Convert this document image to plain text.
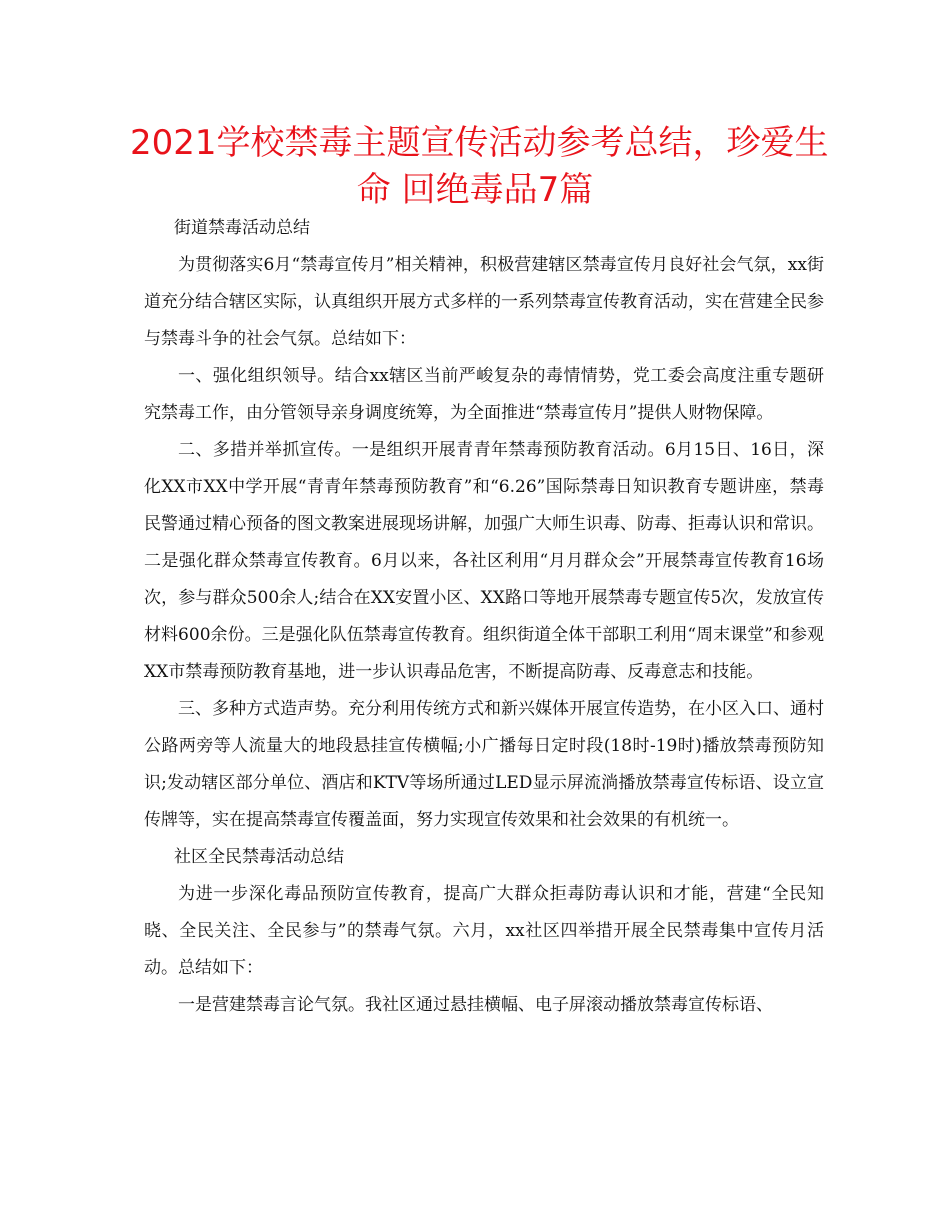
2021学校禁毒主题宣传活动参考总结，珍爱生
命 回绝毒品7篇

街道禁毒活动总结

为贯彻落实6月“禁毒宣传月”相关精神，积极营建辖区禁毒宣传月良好社会气氛，xx街道充分结合辖区实际，认真组织开展方式多样的一系列禁毒宣传教育活动，实在营建全民参与禁毒斗争的社会气氛。总结如下：

一、强化组织领导。结合xx辖区当前严峻复杂的毒情情势，党工委会高度注重专题研究禁毒工作，由分管领导亲身调度统筹，为全面推进“禁毒宣传月”提供人财物保障。

二、多措并举抓宣传。一是组织开展青青年禁毒预防教育活动。6月15日、16日，深化XX市XX中学开展“青青年禁毒预防教育”和“6.26”国际禁毒日知识教育专题讲座，禁毒民警通过精心预备的图文教案进展现场讲解，加强广大师生识毒、防毒、拒毒认识和常识。二是强化群众禁毒宣传教育。6月以来，各社区利用“月月群众会”开展禁毒宣传教育16场次，参与群众500余人;结合在XX安置小区、XX路口等地开展禁毒专题宣传5次，发放宣传材料600余份。三是强化队伍禁毒宣传教育。组织街道全体干部职工利用“周末课堂”和参观XX市禁毒预防教育基地，进一步认识毒品危害，不断提高防毒、反毒意志和技能。

三、多种方式造声势。充分利用传统方式和新兴媒体开展宣传造势，在小区入口、通村公路两旁等人流量大的地段悬挂宣传横幅;小广播每日定时段(18时-19时)播放禁毒预防知识;发动辖区部分单位、酒店和KTV等场所通过LED显示屏流淌播放禁毒宣传标语、设立宣传牌等，实在提高禁毒宣传覆盖面，努力实现宣传效果和社会效果的有机统一。

社区全民禁毒活动总结

为进一步深化毒品预防宣传教育，提高广大群众拒毒防毒认识和才能，营建“全民知晓、全民关注、全民参与”的禁毒气氛。六月，xx社区四举措开展全民禁毒集中宣传月活动。总结如下：

一是营建禁毒言论气氛。我社区通过悬挂横幅、电子屏滚动播放禁毒宣传标语、
